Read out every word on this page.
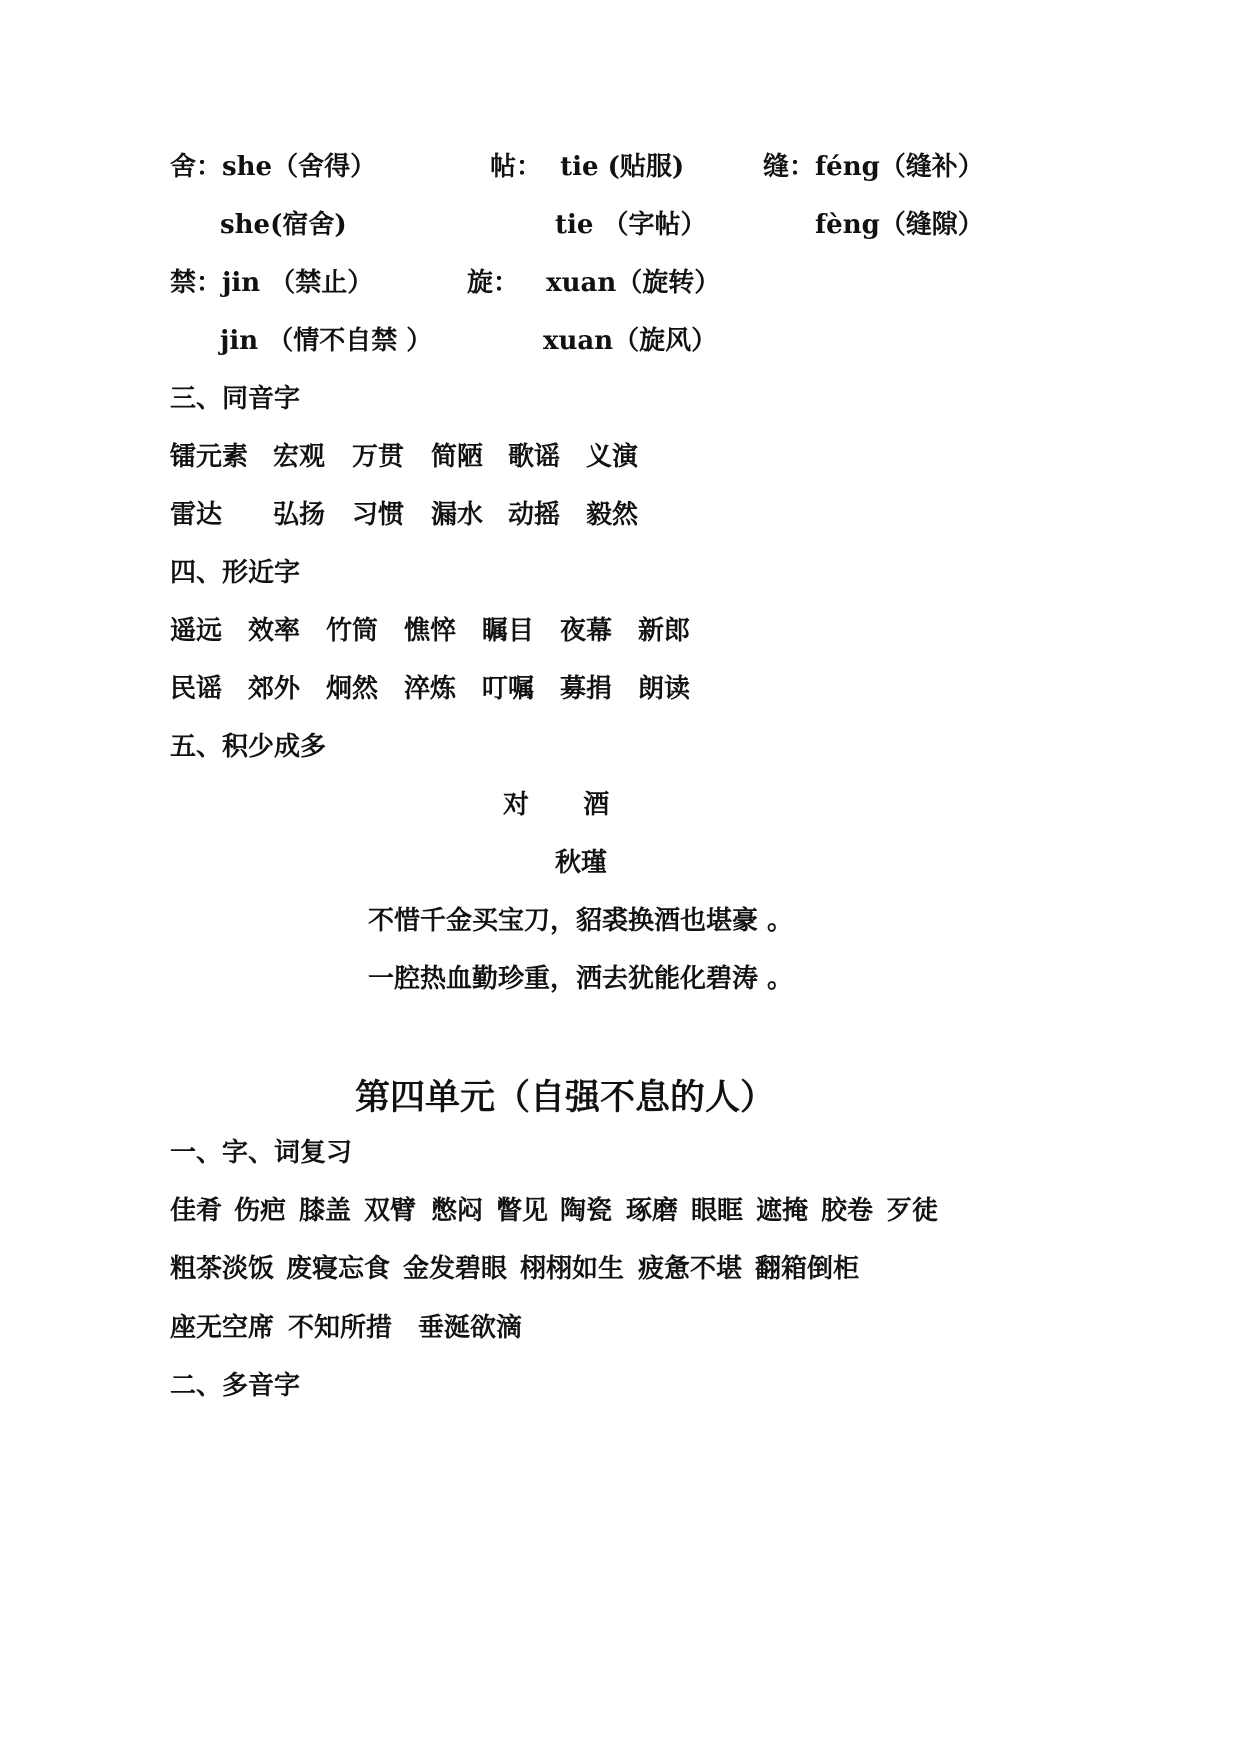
舍：she（舍得）	帖：  tie (贴服)	缝：féng（缝补）
she(宿舍)	tie （字帖）	fèng（缝隙）
禁：jin （禁止）	旋：   xuan（旋转）
jin （情不自禁 ）	xuan（旋风）
三、同音字
镭元素 宏观 万贯 简陋 歌谣 义演
雷达 弘扬 习惯 漏水 动摇 毅然
四、形近字
遥远 效率 竹筒 憔悴 瞩目 夜幕 新郎
民谣 郊外 炯然 淬炼 叮嘱 募捐 朗读
五、积少成多
对      酒
秋瑾
不惜千金买宝刀，貂裘换酒也堪豪 。
一腔热血勤珍重，洒去犹能化碧涛 。
第四单元（自强不息的人）
一、字、词复习
佳肴 伤疤 膝盖 双臂 憋闷 瞥见 陶瓷 琢磨 眼眶 遮掩 胶卷 歹徒
粗茶淡饭 废寝忘食 金发碧眼 栩栩如生 疲惫不堪 翻箱倒柜
座无空席 不知所措 垂涎欲滴
二、多音字
